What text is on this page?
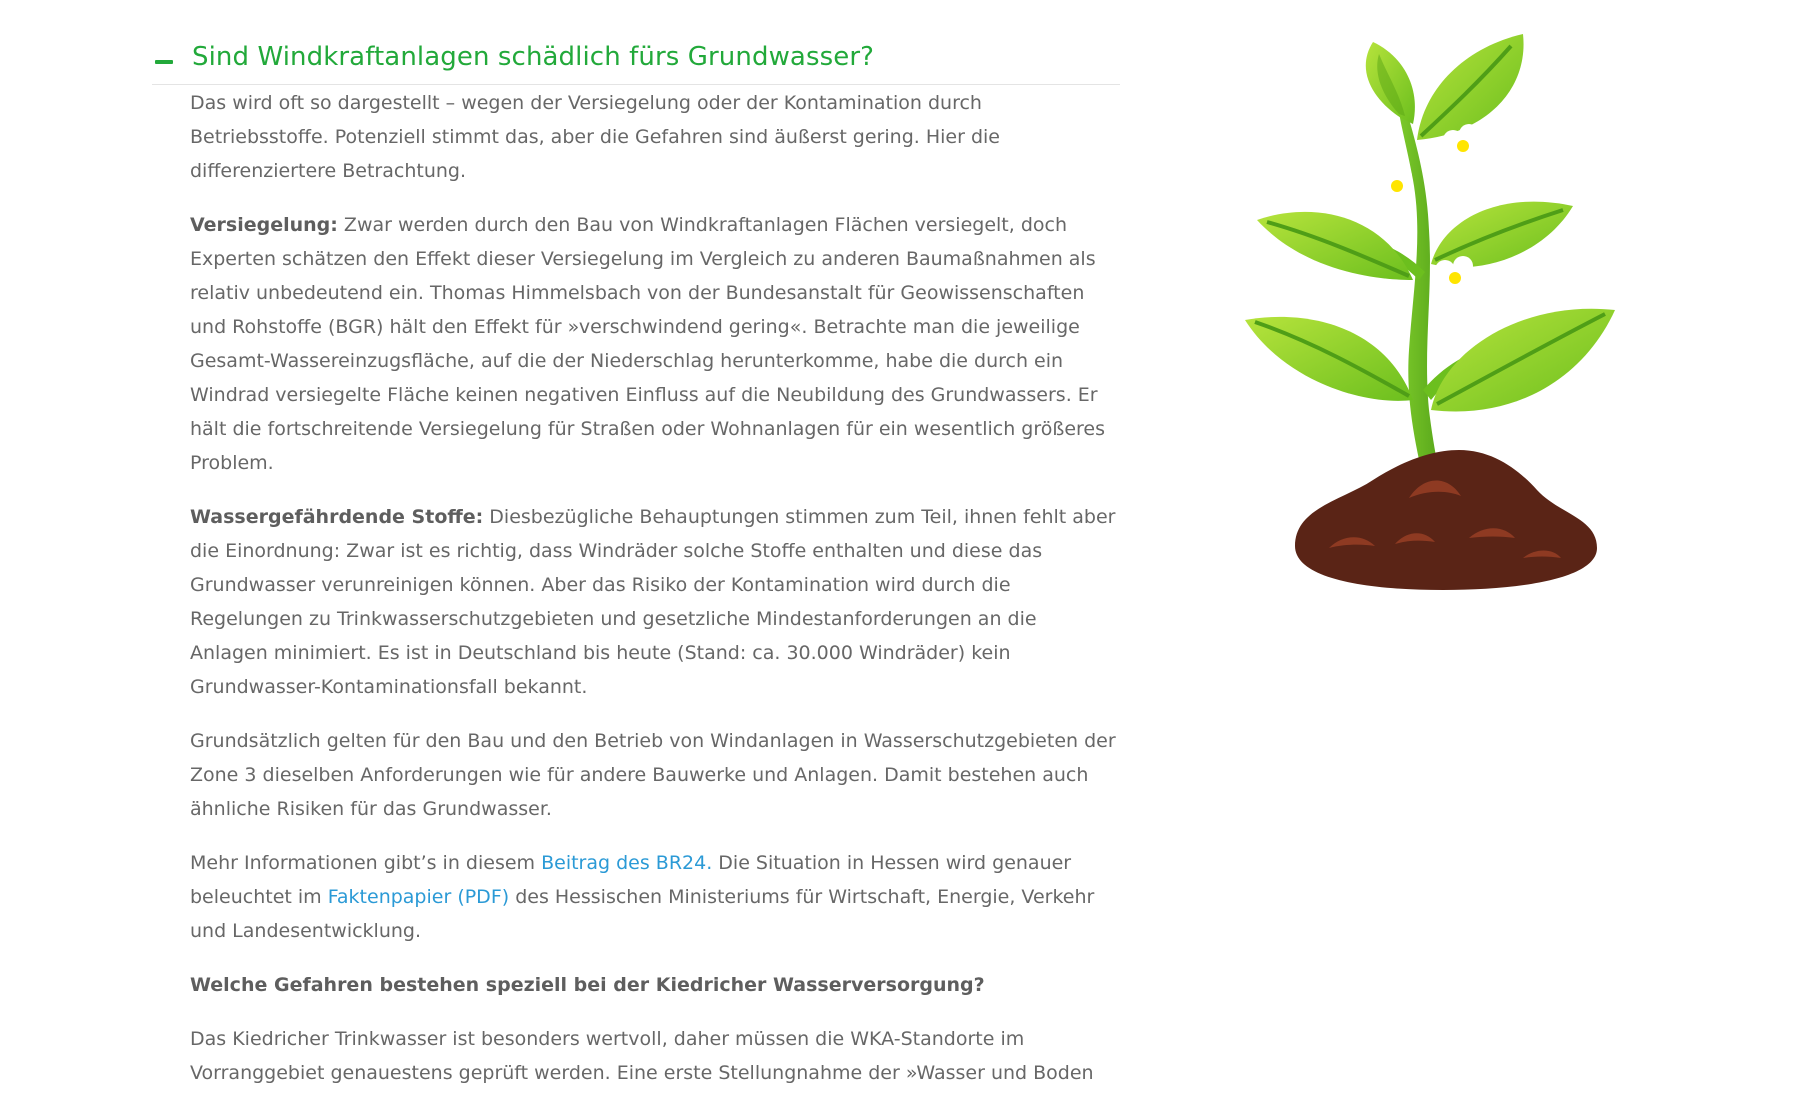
Sind Windkraftanlagen schädlich fürs Grundwasser?

Das wird oft so dargestellt – wegen der Versiegelung oder der Kontamination durch Betriebsstoffe. Potenziell stimmt das, aber die Gefahren sind äußerst gering. Hier die differenziertere Betrachtung.

Versiegelung: Zwar werden durch den Bau von Windkraftanlagen Flächen versiegelt, doch Experten schätzen den Effekt dieser Versiegelung im Vergleich zu anderen Baumaßnahmen als relativ unbedeutend ein. Thomas Himmelsbach von der Bundesanstalt für Geowissenschaften und Rohstoffe (BGR) hält den Effekt für »verschwindend gering«. Betrachte man die jeweilige Gesamt-Wassereinzugsfläche, auf die der Niederschlag herunterkomme, habe die durch ein Windrad versiegelte Fläche keinen negativen Einfluss auf die Neubildung des Grundwassers. Er hält die fortschreitende Versiegelung für Straßen oder Wohnanlagen für ein wesentlich größeres Problem.

Wassergefährdende Stoffe: Diesbezügliche Behauptungen stimmen zum Teil, ihnen fehlt aber die Einordnung: Zwar ist es richtig, dass Windräder solche Stoffe enthalten und diese das Grundwasser verunreinigen können. Aber das Risiko der Kontamination wird durch die Regelungen zu Trinkwasserschutzgebieten und gesetzliche Mindestanforderungen an die Anlagen minimiert. Es ist in Deutschland bis heute (Stand: ca. 30.000 Windräder) kein Grundwasser-Kontaminationsfall bekannt.

Grundsätzlich gelten für den Bau und den Betrieb von Windanlagen in Wasserschutzgebieten der Zone 3 dieselben Anforderungen wie für andere Bauwerke und Anlagen. Damit bestehen auch ähnliche Risiken für das Grundwasser.

Mehr Informationen gibt’s in diesem Beitrag des BR24. Die Situation in Hessen wird genauer beleuchtet im Faktenpapier (PDF) des Hessischen Ministeriums für Wirtschaft, Energie, Verkehr und Landesentwicklung.

Welche Gefahren bestehen speziell bei der Kiedricher Wasserversorgung?

Das Kiedricher Trinkwasser ist besonders wertvoll, daher müssen die WKA-Standorte im Vorranggebiet genauestens geprüft werden. Eine erste Stellungnahme der »Wasser und Boden
